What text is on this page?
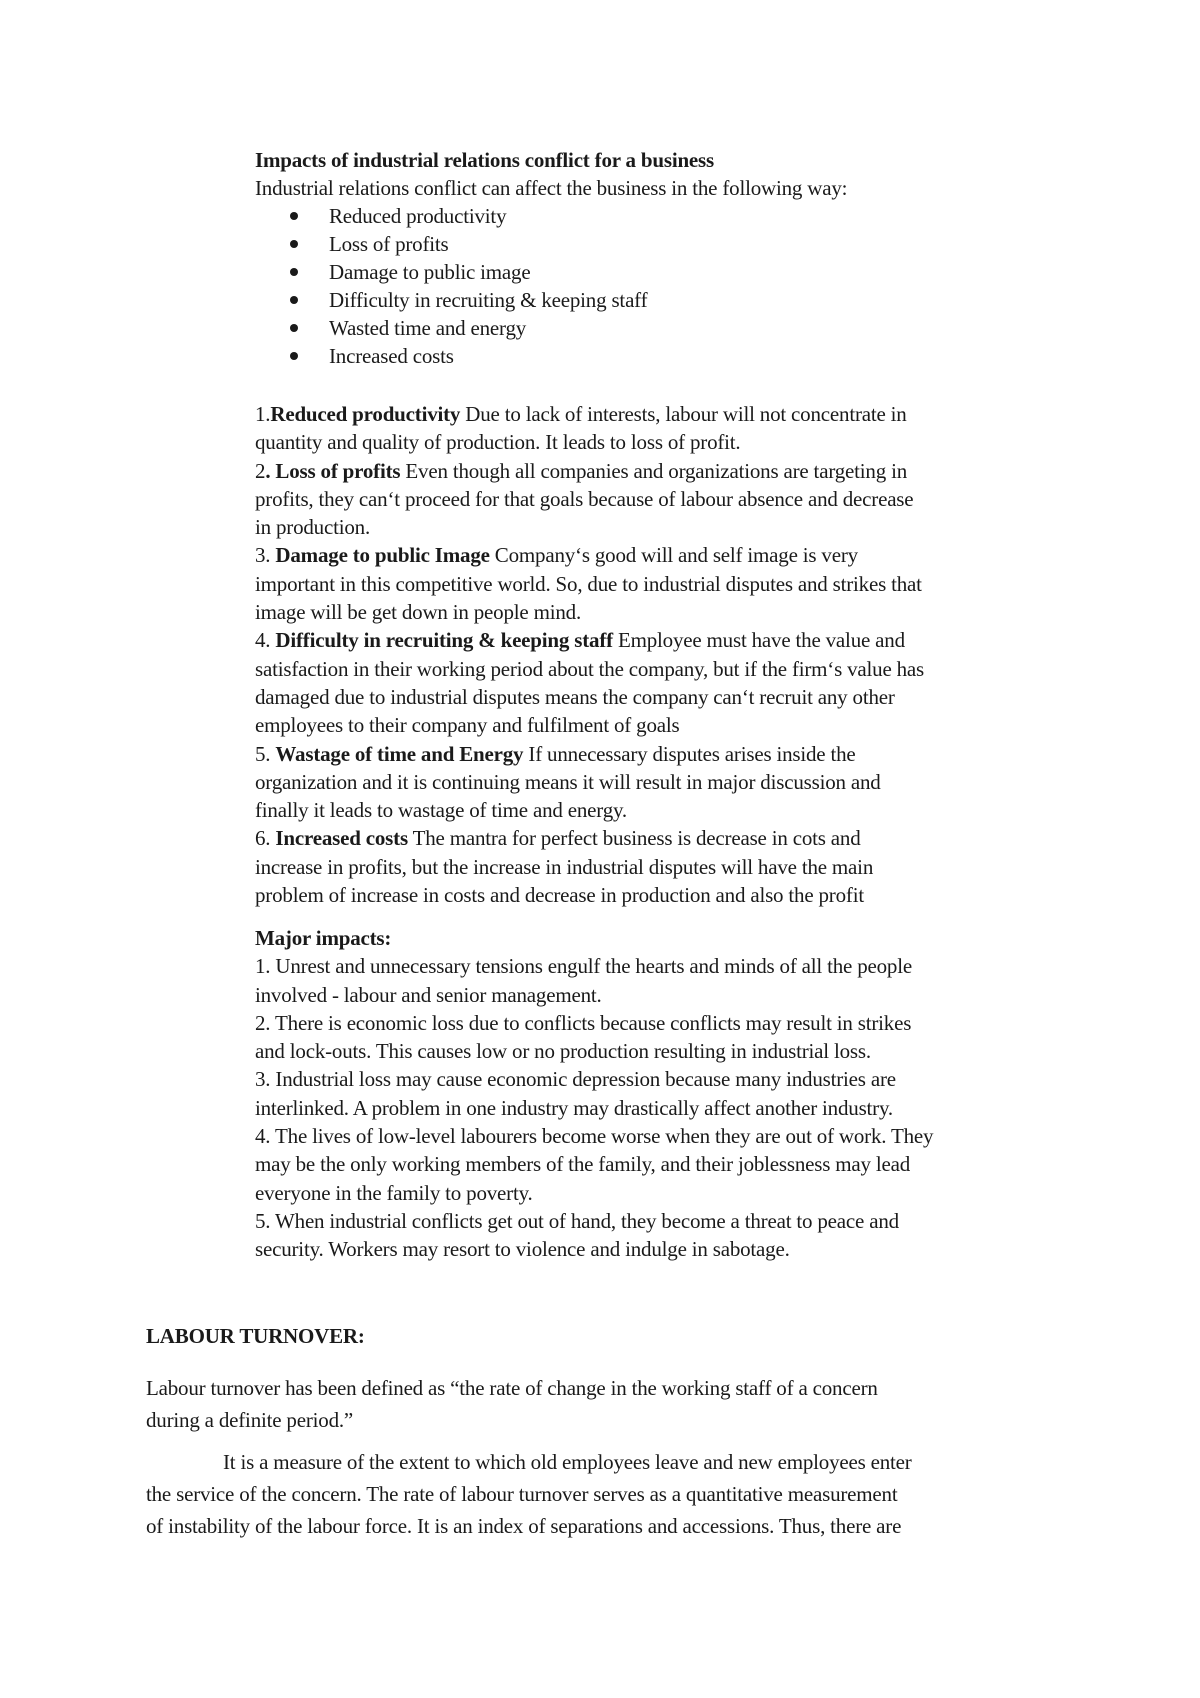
Impacts of industrial relations conflict for a business
Industrial relations conflict can affect the business in the following way:
Reduced productivity
Loss of profits
Damage to public image
Difficulty in recruiting & keeping staff
Wasted time and energy
Increased costs
1.Reduced productivity Due to lack of interests, labour will not concentrate in
quantity and quality of production. It leads to loss of profit.
2. Loss of profits Even though all companies and organizations are targeting in
profits, they can‘t proceed for that goals because of labour absence and decrease
in production.
3. Damage to public Image Company‘s good will and self image is very
important in this competitive world. So, due to industrial disputes and strikes that
image will be get down in people mind.
4. Difficulty in recruiting & keeping staff Employee must have the value and
satisfaction in their working period about the company, but if the firm‘s value has
damaged due to industrial disputes means the company can‘t recruit any other
employees to their company and fulfilment of goals
5. Wastage of time and Energy If unnecessary disputes arises inside the
organization and it is continuing means it will result in major discussion and
finally it leads to wastage of time and energy.
6. Increased costs The mantra for perfect business is decrease in cots and
increase in profits, but the increase in industrial disputes will have the main
problem of increase in costs and decrease in production and also the profit
Major impacts:
1. Unrest and unnecessary tensions engulf the hearts and minds of all the people
involved - labour and senior management.
2. There is economic loss due to conflicts because conflicts may result in strikes
and lock-outs. This causes low or no production resulting in industrial loss.
3. Industrial loss may cause economic depression because many industries are
interlinked. A problem in one industry may drastically affect another industry.
4. The lives of low-level labourers become worse when they are out of work. They
may be the only working members of the family, and their joblessness may lead
everyone in the family to poverty.
5. When industrial conflicts get out of hand, they become a threat to peace and
security. Workers may resort to violence and indulge in sabotage.
LABOUR TURNOVER:
Labour turnover has been defined as “the rate of change in the working staff of a concern
during a definite period.”
It is a measure of the extent to which old employees leave and new employees enter
the service of the concern. The rate of labour turnover serves as a quantitative measurement
of instability of the labour force. It is an index of separations and accessions. Thus, there are
